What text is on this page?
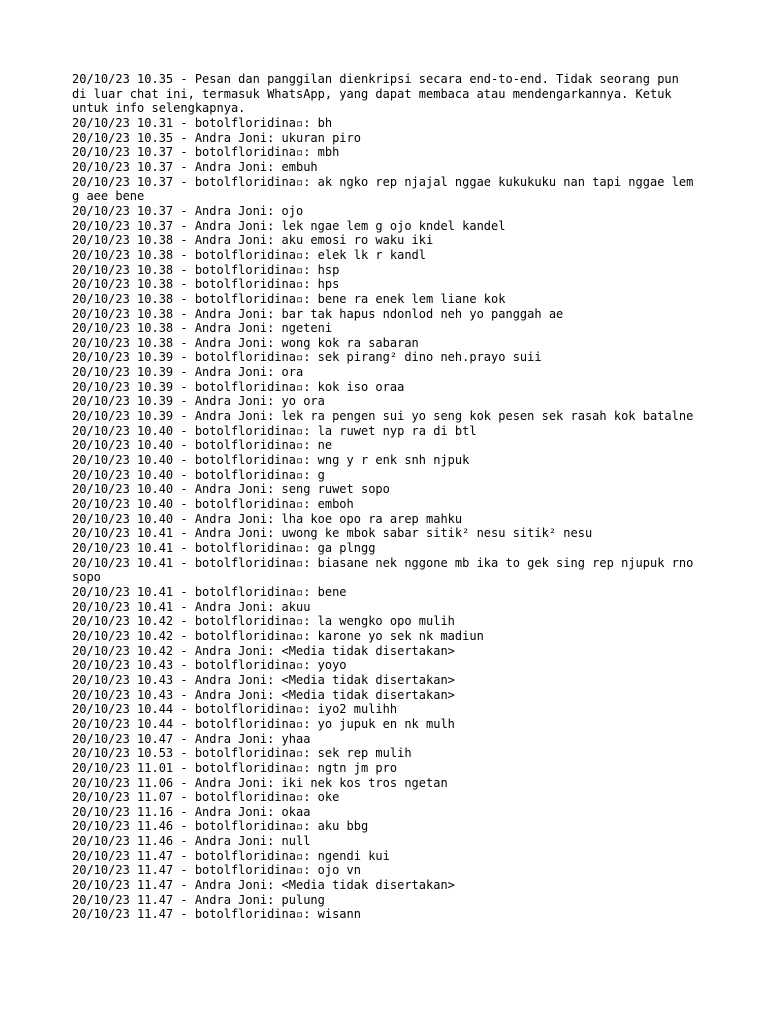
20/10/23 10.35 - Pesan dan panggilan dienkripsi secara end-to-end. Tidak seorang pun di luar chat ini, termasuk WhatsApp, yang dapat membaca atau mendengarkannya. Ketuk untuk info selengkapnya.

20/10/23 10.31 - botolfloridina▫: bh

20/10/23 10.35 - Andra Joni: ukuran piro

20/10/23 10.37 - botolfloridina▫: mbh

20/10/23 10.37 - Andra Joni: embuh

20/10/23 10.37 - botolfloridina▫: ak ngko rep njajal nggae kukukuku nan tapi nggae lem g aee bene

20/10/23 10.37 - Andra Joni: ojo

20/10/23 10.37 - Andra Joni: lek ngae lem g ojo kndel kandel

20/10/23 10.38 - Andra Joni: aku emosi ro waku iki

20/10/23 10.38 - botolfloridina▫: elek lk r kandl

20/10/23 10.38 - botolfloridina▫: hsp

20/10/23 10.38 - botolfloridina▫: hps

20/10/23 10.38 - botolfloridina▫: bene ra enek lem liane kok

20/10/23 10.38 - Andra Joni: bar tak hapus ndonlod neh yo panggah ae

20/10/23 10.38 - Andra Joni: ngeteni

20/10/23 10.38 - Andra Joni: wong kok ra sabaran

20/10/23 10.39 - botolfloridina▫: sek pirang² dino neh.prayo suii

20/10/23 10.39 - Andra Joni: ora

20/10/23 10.39 - botolfloridina▫: kok iso oraa

20/10/23 10.39 - Andra Joni: yo ora

20/10/23 10.39 - Andra Joni: lek ra pengen sui yo seng kok pesen sek rasah kok batalne

20/10/23 10.40 - botolfloridina▫: la ruwet nyp ra di btl

20/10/23 10.40 - botolfloridina▫: ne

20/10/23 10.40 - botolfloridina▫: wng y r enk snh njpuk

20/10/23 10.40 - botolfloridina▫: g

20/10/23 10.40 - Andra Joni: seng ruwet sopo

20/10/23 10.40 - botolfloridina▫: emboh

20/10/23 10.40 - Andra Joni: lha koe opo ra arep mahku

20/10/23 10.41 - Andra Joni: uwong ke mbok sabar sitik² nesu sitik² nesu

20/10/23 10.41 - botolfloridina▫: ga plngg

20/10/23 10.41 - botolfloridina▫: biasane nek nggone mb ika to gek sing rep njupuk rno sopo

20/10/23 10.41 - botolfloridina▫: bene

20/10/23 10.41 - Andra Joni: akuu

20/10/23 10.42 - botolfloridina▫: la wengko opo mulih

20/10/23 10.42 - botolfloridina▫: karone yo sek nk madiun

20/10/23 10.42 - Andra Joni: <Media tidak disertakan>

20/10/23 10.43 - botolfloridina▫: yoyo

20/10/23 10.43 - Andra Joni: <Media tidak disertakan>

20/10/23 10.43 - Andra Joni: <Media tidak disertakan>

20/10/23 10.44 - botolfloridina▫: iyo2 mulihh

20/10/23 10.44 - botolfloridina▫: yo jupuk en nk mulh

20/10/23 10.47 - Andra Joni: yhaa

20/10/23 10.53 - botolfloridina▫: sek rep mulih

20/10/23 11.01 - botolfloridina▫: ngtn jm pro

20/10/23 11.06 - Andra Joni: iki nek kos tros ngetan

20/10/23 11.07 - botolfloridina▫: oke

20/10/23 11.16 - Andra Joni: okaa

20/10/23 11.46 - botolfloridina▫: aku bbg

20/10/23 11.46 - Andra Joni: null

20/10/23 11.47 - botolfloridina▫: ngendi kui

20/10/23 11.47 - botolfloridina▫: ojo vn

20/10/23 11.47 - Andra Joni: <Media tidak disertakan>

20/10/23 11.47 - Andra Joni: pulung

20/10/23 11.47 - botolfloridina▫: wisann
